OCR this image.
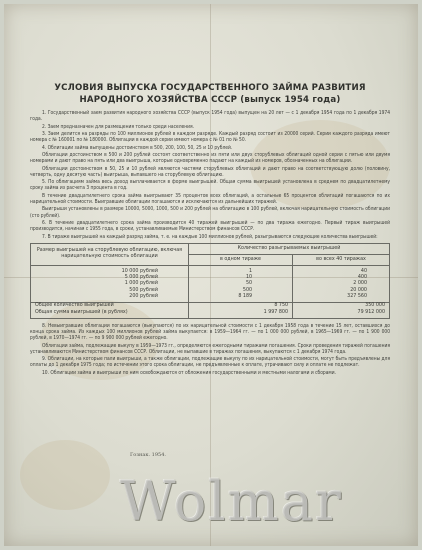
УСЛОВИЯ ВЫПУСКА ГОСУДАРСТВЕННОГО ЗАЙМА РАЗВИТИЯ
НАРОДНОГО ХОЗЯЙСТВА СССР (выпуск 1954 года)

1. Государственный заем развития народного хозяйства СССР (выпуск 1954 года) выпущен на 20 лет — с 1 декабря 1954 года по 1 декабря 1974 года.

2. Заем предназначен для размещения только среди населения.

3. Заем делится на разряды по 100 миллионов рублей в каждом разряде. Каждый разряд состоит из 20000 серий. Серии каждого разряда имеют номера с № 160001 по № 180000. Облигации в каждой серии имеют номера с № 01 по № 50.

4. Облигации займа выпущены достоинством в 500, 200, 100, 50, 25 и 10 рублей.

Облигации достоинством в 500 и 200 рублей состоят соответственно из пяти или двух сторублевых облигаций одной серии с пятью или двумя номерами и дают право на пять или два выигрыша, которые одновременно падают на каждый из номеров, обозначенных на облигации.

Облигации достоинством в 50, 25 и 10 рублей являются частями сторублевых облигаций и дают право на соответствующую долю (половину, четверть, одну десятую часть) выигрыша, выпавшего на сторублевую облигацию.

5. По облигациям займа весь доход выплачивается в форме выигрышей. Общая сумма выигрышей установлена в среднем по двадцатилетнему сроку займа из расчета 3 процента в год.

В течение двадцатилетнего срока займа выигрывают 35 процентов всех облигаций, а остальные 65 процентов облигаций погашаются по их нарицательной стоимости. Выигравшие облигации погашаются и исключаются из дальнейших тиражей.

Выигрыши установлены в размере 10000, 5000, 1000, 500 и 200 рублей на облигацию в 100 рублей, включая нарицательную стоимость облигации (сто рублей).

6. В течение двадцатилетнего срока займа производится 40 тиражей выигрышей — по два тиража ежегодно. Первый тираж выигрышей производится, начиная с 1955 года, в сроки, устанавливаемые Министерством финансов СССР.

7. В тираже выигрышей на каждый разряд займа, т. е. на каждые 100 миллионов рублей, разыгрываются следующие количества выигрышей:

Размер выигрышей на сторублевую облигацию, включая нарицательную стоимость облигации	Количество разыгрываемых выигрышей	
	в одном тираже	во всех 40 тиражах
10 000 рублей	1	40
5 000 рублей	10	400
1 000 рублей	50	2 000
500 рублей	500	20 000
200 рублей	8 189	327 560
Общее количество выигрышей	8 750	350 000
Общая сумма выигрышей (в рублях)	1 997 800	79 912 000

8. Невыигравшие облигации погашаются (выкупаются) по их нарицательной стоимости с 1 декабря 1958 года в течение 15 лет, оставшихся до конца срока займа. Из каждых 100 миллионов рублей займа выкупается: в 1959—1964 гг. — по 1 000 000 рублей, в 1965—1969 гг. — по 1 900 000 рублей, в 1970—1974 гг. — по 9 900 000 рублей ежегодно.

Облигации займа, подлежащие выкупу в 1959—1973 гг., определяются ежегодными тиражами погашения. Сроки проведения тиражей погашения устанавливаются Министерством финансов СССР. Облигации, не выпавшие в тиражах погашения, выкупаются с 1 декабря 1974 года.

9. Облигации, на которые пали выигрыши, а также облигации, подлежащие выкупу по их нарицательной стоимости, могут быть предъявлены для оплаты до 1 декабря 1975 года; по истечении этого срока облигации, не предъявленные к оплате, утрачивают силу и оплате не подлежат.

10. Облигации займа и выигрыши по ним освобождаются от обложения государственными и местными налогами и сборами.

Гознак. 1954.
Wolmar
